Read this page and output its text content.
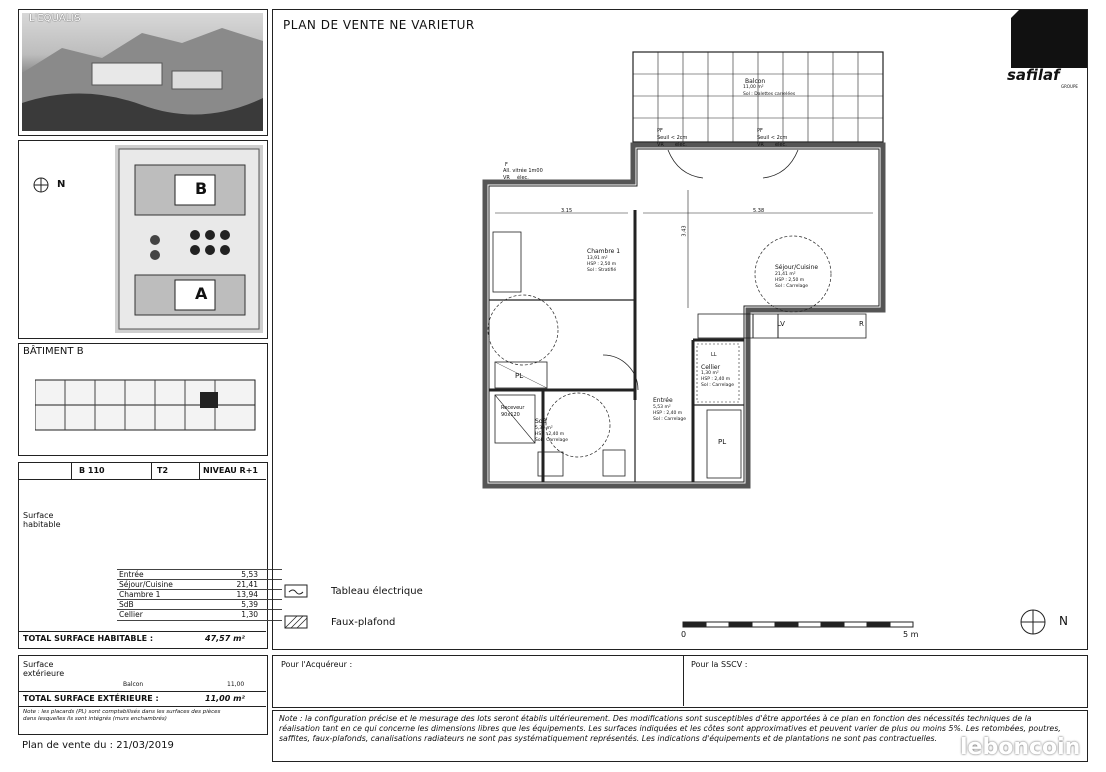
L'EQUALIS
N	B
A
BÂTIMENT B
B 110	T2	NIVEAU R+1
Surface habitable
Entrée	5,53
Séjour/Cuisine	21,41
Chambre 1	13,94
SdB	5,39
Cellier	1,30
TOTAL SURFACE HABITABLE :	47,57 m²
Surface extérieure
Balcon	11,00
TOTAL SURFACE EXTÉRIEURE :	11,00 m²
Note : les placards (PL) sont comptabilisés dans les surfaces des pièces dans lesquelles ils sont intégrés (murs enchambrés)
Plan de vente du : 21/03/2019
PLAN DE VENTE NE VARIETUR
safilaf
GROUPE
Balcon
11,00 m²
Sol : Dalettes carrelées
PF
Seuil < 2cm
VR élec.
PF
Seuil < 2cm
VR élec.
F
All. vitrée 1m00
VR élec.
3.15	5.38
3.43
Chambre 1
13,91 m²
HSP : 2,50 m
Sol : Stratifié	Séjour/Cuisine
21,41 m²
HSP : 2,50 m
Sol : Carrelage
LV	R
LL
Cellier
1,30 m²
HSP : 2,40 m
Sol : Carrelage
Entrée
5,53 m²
HSP : 2,40 m
Sol : Carrelage
Receveur
90x120
SdB
5,39 m²
HSP : 2,40 m
Sol : Carrelage
PL
PL
Tableau électrique
Faux-plafond
0	5 m
N
Pour l'Acquéreur :	Pour la SSCV :
Note : la configuration précise et le mesurage des lots seront établis ultérieurement. Des modifications sont susceptibles d'être apportées à ce plan en fonction des nécessités techniques de la réalisation tant en ce qui concerne les dimensions libres que les équipements. Les surfaces indiquées et les côtes sont approximatives et peuvent varier de plus ou moins 5%. Les retombées, poutres, saffites, faux-plafonds, canalisations radiateurs ne sont pas systématiquement représentés. Les indications d'équipements et de plantations ne sont pas contractuelles.	leboncoin
